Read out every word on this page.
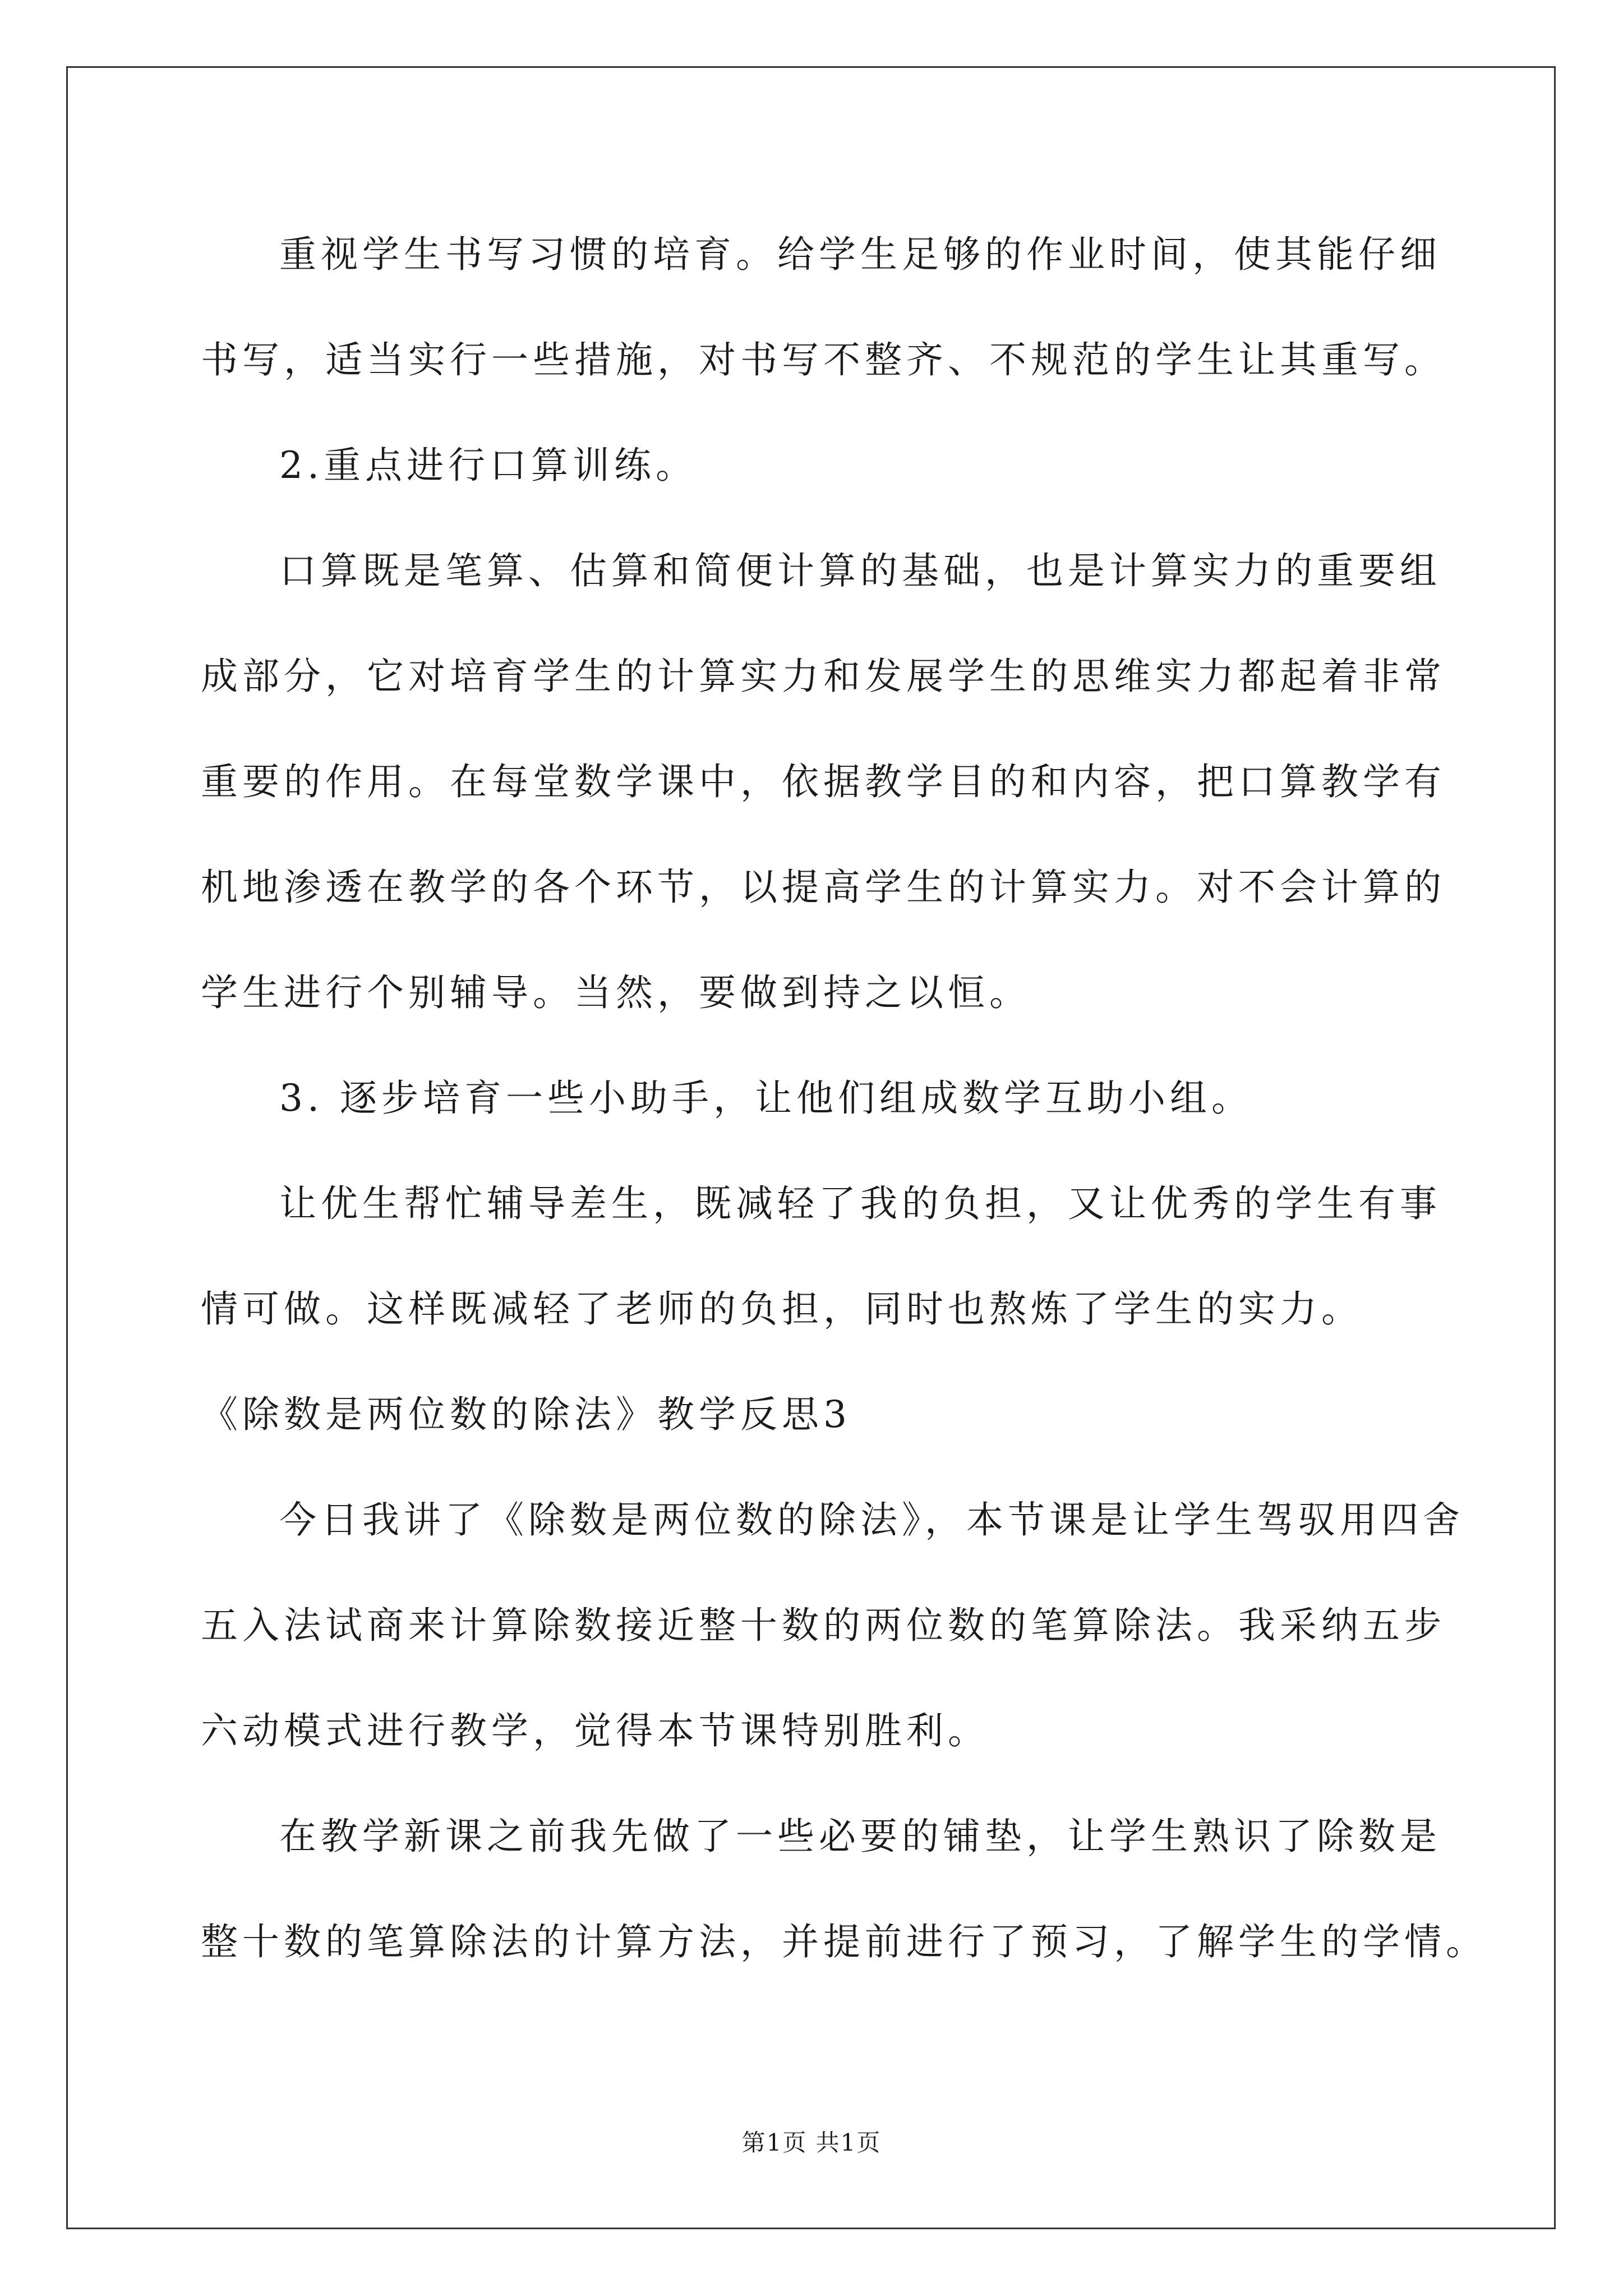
重视学生书写习惯的培育。给学生足够的作业时间，使其能仔细
书写，适当实行一些措施，对书写不整齐、不规范的学生让其重写。
2.重点进行口算训练。
口算既是笔算、估算和简便计算的基础，也是计算实力的重要组
成部分，它对培育学生的计算实力和发展学生的思维实力都起着非常
重要的作用。在每堂数学课中，依据教学目的和内容，把口算教学有
机地渗透在教学的各个环节，以提高学生的计算实力。对不会计算的
学生进行个别辅导。当然，要做到持之以恒。
3. 逐步培育一些小助手，让他们组成数学互助小组。
让优生帮忙辅导差生，既减轻了我的负担，又让优秀的学生有事
情可做。这样既减轻了老师的负担，同时也熬炼了学生的实力。
《除数是两位数的除法》教学反思3
今日我讲了《除数是两位数的除法》，本节课是让学生驾驭用四舍
五入法试商来计算除数接近整十数的两位数的笔算除法。我采纳五步
六动模式进行教学，觉得本节课特别胜利。
在教学新课之前我先做了一些必要的铺垫，让学生熟识了除数是
整十数的笔算除法的计算方法，并提前进行了预习，了解学生的学情。
第1页 共1页
